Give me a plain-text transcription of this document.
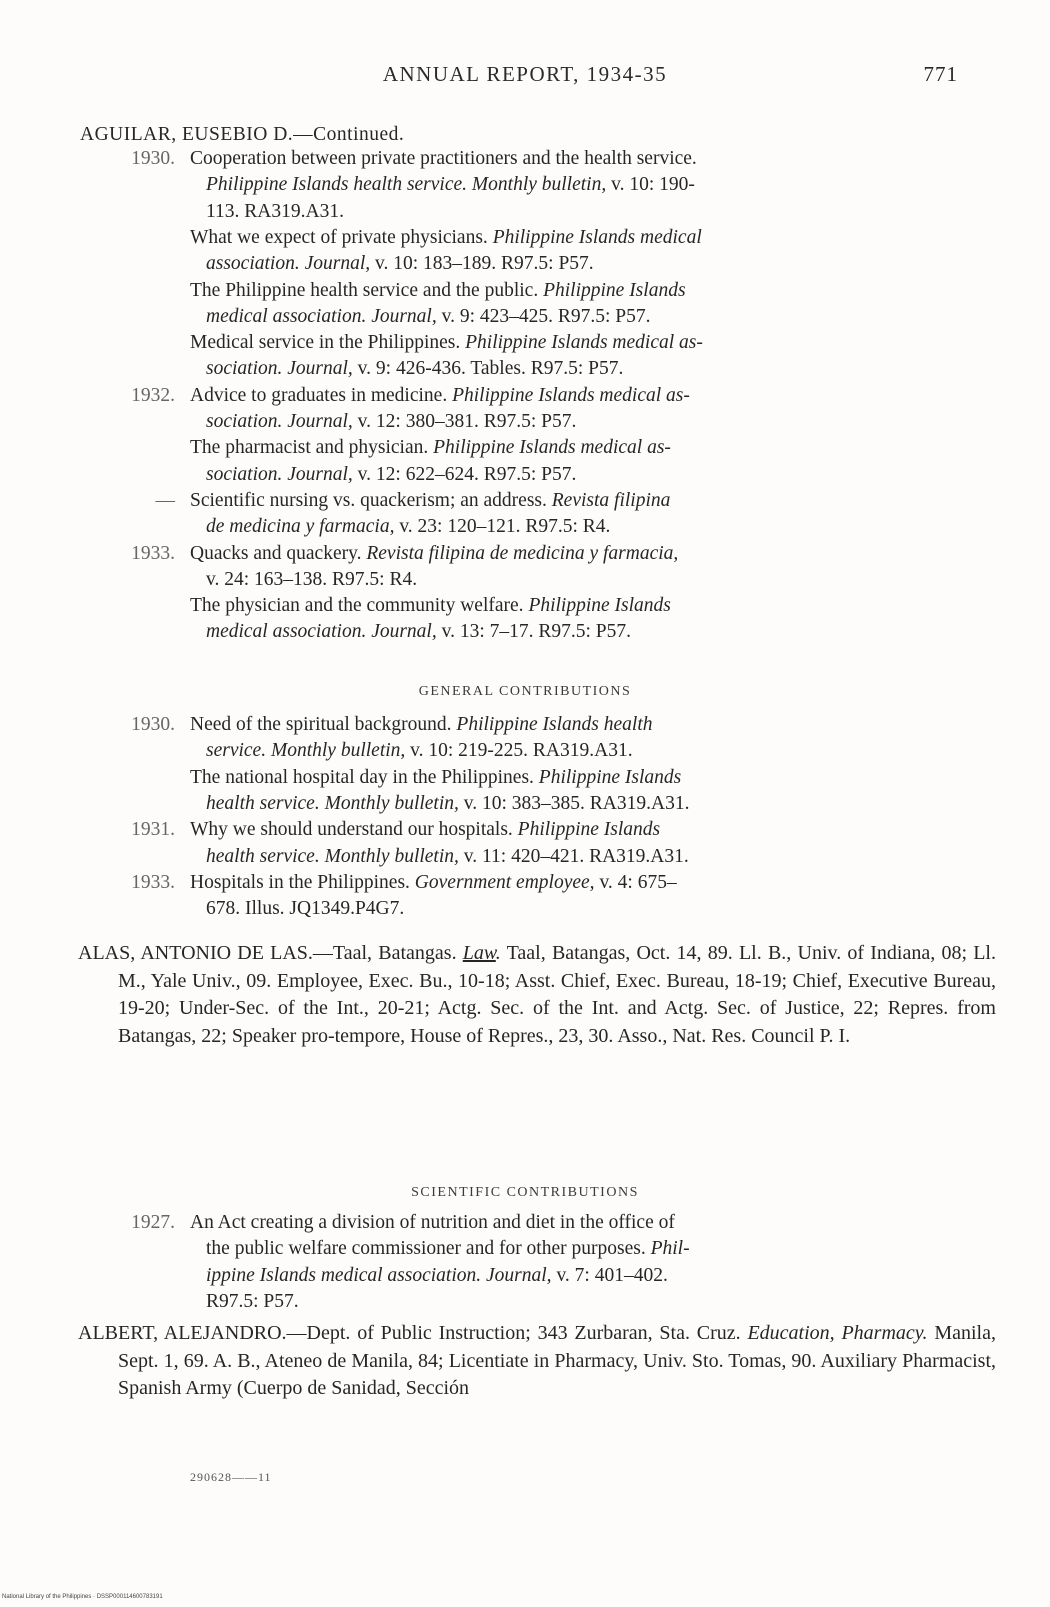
ANNUAL REPORT, 1934-35	771
AGUILAR, EUSEBIO D.—Continued.
1930. Cooperation between private practitioners and the health service.
Philippine Islands health service. Monthly bulletin, v. 10: 190-
113. RA319.A31.
What we expect of private physicians. Philippine Islands medical
association. Journal, v. 10: 183–189. R97.5: P57.
The Philippine health service and the public. Philippine Islands
medical association. Journal, v. 9: 423–425. R97.5: P57.
Medical service in the Philippines. Philippine Islands medical as-
sociation. Journal, v. 9: 426-436. Tables. R97.5: P57.
1932. Advice to graduates in medicine. Philippine Islands medical as-
sociation. Journal, v. 12: 380–381. R97.5: P57.
The pharmacist and physician. Philippine Islands medical as-
sociation. Journal, v. 12: 622–624. R97.5: P57.
— Scientific nursing vs. quackerism; an address. Revista filipina
de medicina y farmacia, v. 23: 120–121. R97.5: R4.
1933. Quacks and quackery. Revista filipina de medicina y farmacia,
v. 24: 163–138. R97.5: R4.
The physician and the community welfare. Philippine Islands
medical association. Journal, v. 13: 7–17. R97.5: P57.
GENERAL CONTRIBUTIONS
1930. Need of the spiritual background. Philippine Islands health
service. Monthly bulletin, v. 10: 219-225. RA319.A31.
The national hospital day in the Philippines. Philippine Islands
health service. Monthly bulletin, v. 10: 383–385. RA319.A31.
1931. Why we should understand our hospitals. Philippine Islands
health service. Monthly bulletin, v. 11: 420–421. RA319.A31.
1933. Hospitals in the Philippines. Government employee, v. 4: 675–
678. Illus. JQ1349.P4G7.
ALAS, ANTONIO DE LAS.—Taal, Batangas. Law. Taal, Batangas, Oct. 14, 89. Ll. B., Univ. of Indiana, 08; Ll. M., Yale Univ., 09. Employee, Exec. Bu., 10-18; Asst. Chief, Exec. Bureau, 18-19; Chief, Executive Bureau, 19-20; Under-Sec. of the Int., 20-21; Actg. Sec. of the Int. and Actg. Sec. of Justice, 22; Repres. from Batangas, 22; Speaker pro-tempore, House of Repres., 23, 30. Asso., Nat. Res. Council P. I.
SCIENTIFIC CONTRIBUTIONS
1927. An Act creating a division of nutrition and diet in the office of
the public welfare commissioner and for other purposes. Phil-
ippine Islands medical association. Journal, v. 7: 401–402.
R97.5: P57.
ALBERT, ALEJANDRO.—Dept. of Public Instruction; 343 Zurbaran, Sta. Cruz. Education, Pharmacy. Manila, Sept. 1, 69. A. B., Ateneo de Manila, 84; Licentiate in Pharmacy, Univ. Sto. Tomas, 90. Auxiliary Pharmacist, Spanish Army (Cuerpo de Sanidad, Sección
290628——11
National Library of the Philippines · DSSP000114600783191
